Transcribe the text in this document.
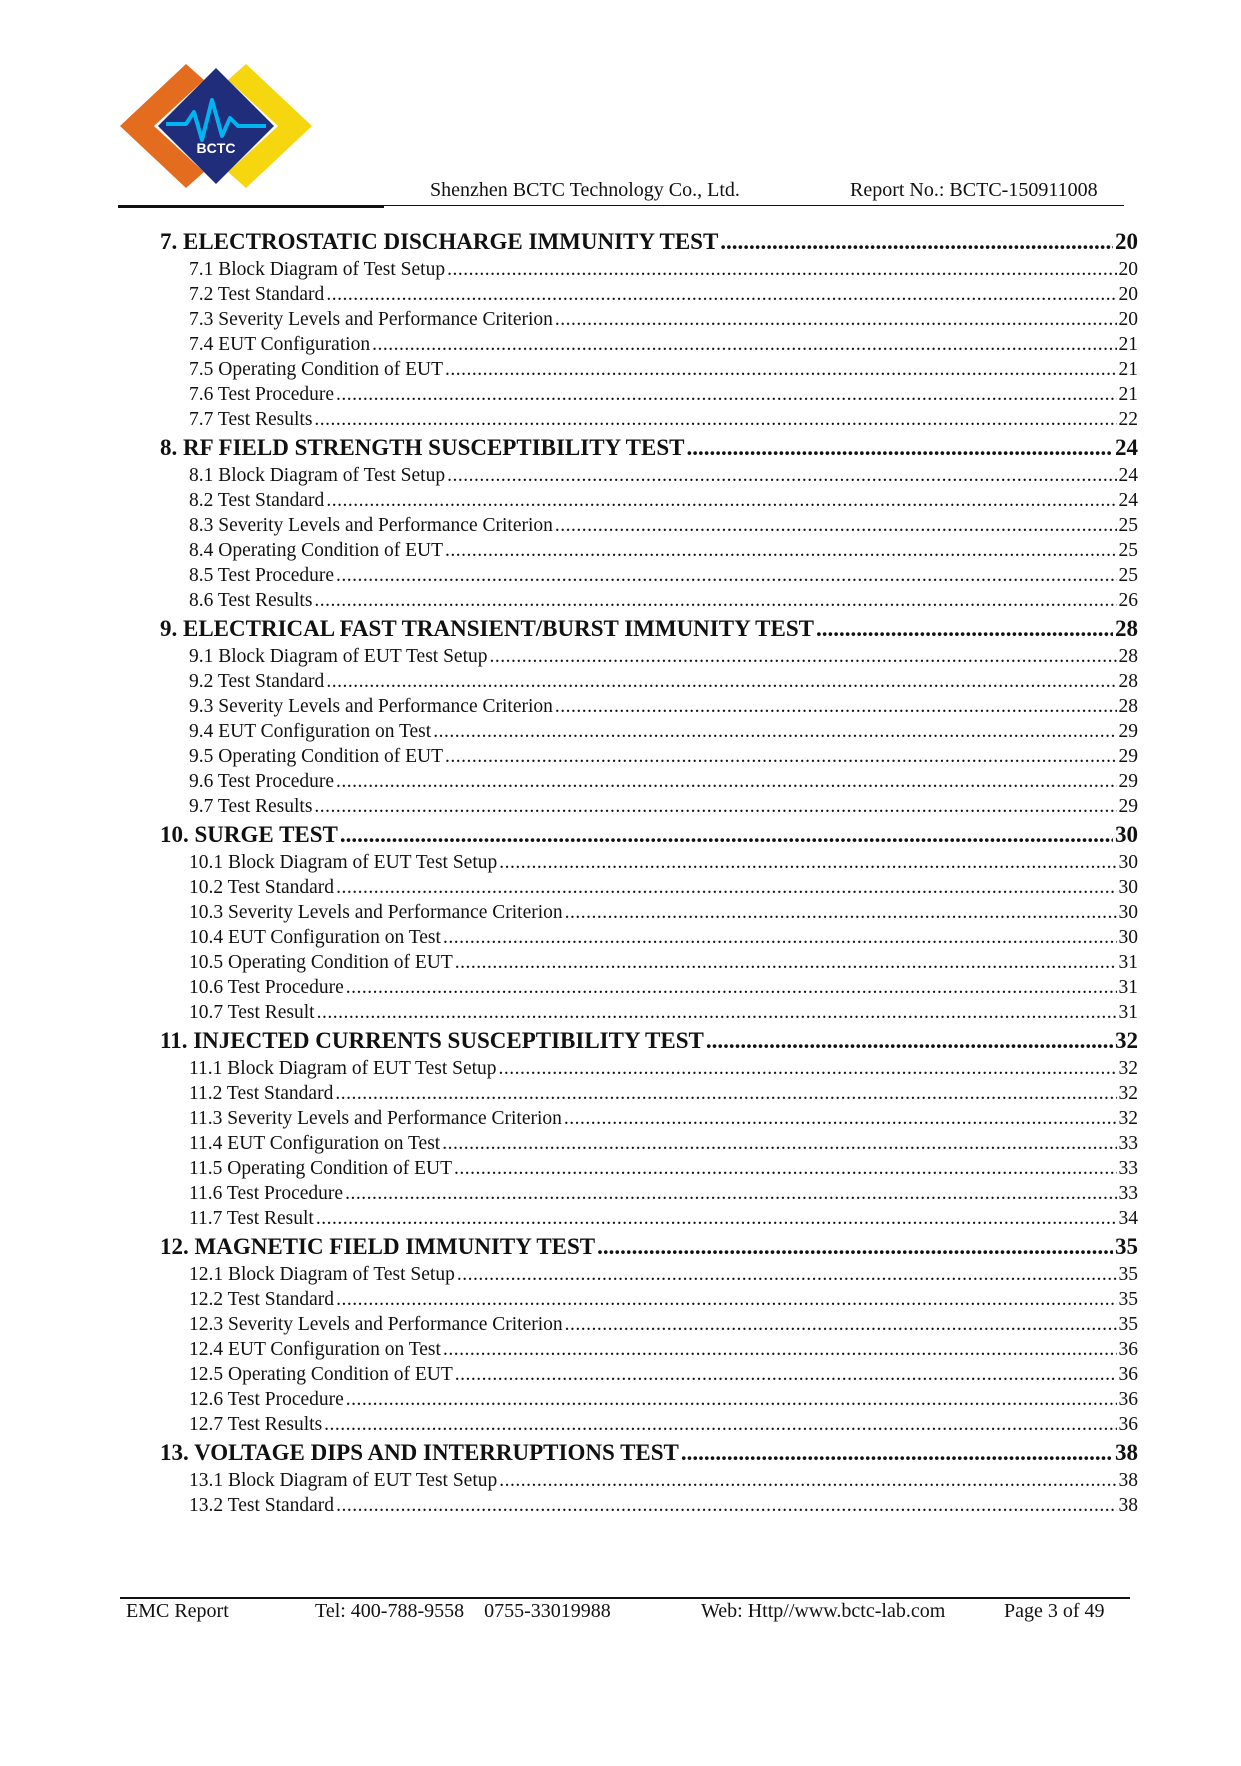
BCTC
Shenzhen BCTC Technology Co., Ltd.	Report No.: BCTC-150911008
7. ELECTROSTATIC DISCHARGE IMMUNITY TEST .....	20
7.1 Block Diagram of Test Setup .....	20
7.2 Test Standard .....	20
7.3 Severity Levels and Performance Criterion .....	20
7.4 EUT Configuration .....	21
7.5 Operating Condition of EUT .....	21
7.6 Test Procedure .....	21
7.7 Test Results .....	22
8. RF FIELD STRENGTH SUSCEPTIBILITY TEST .....	24
8.1 Block Diagram of Test Setup .....	24
8.2 Test Standard .....	24
8.3 Severity Levels and Performance Criterion .....	25
8.4 Operating Condition of EUT .....	25
8.5 Test Procedure .....	25
8.6 Test Results .....	26
9. ELECTRICAL FAST TRANSIENT/BURST IMMUNITY TEST .....	28
9.1 Block Diagram of EUT Test Setup .....	28
9.2 Test Standard .....	28
9.3 Severity Levels and Performance Criterion .....	28
9.4 EUT Configuration on Test .....	29
9.5 Operating Condition of EUT .....	29
9.6 Test Procedure .....	29
9.7 Test Results .....	29
10. SURGE TEST .....	30
10.1 Block Diagram of EUT Test Setup .....	30
10.2 Test Standard .....	30
10.3 Severity Levels and Performance Criterion .....	30
10.4 EUT Configuration on Test .....	30
10.5 Operating Condition of EUT .....	31
10.6 Test Procedure .....	31
10.7 Test Result .....	31
11. INJECTED CURRENTS SUSCEPTIBILITY TEST .....	32
11.1 Block Diagram of EUT Test Setup .....	32
11.2 Test Standard .....	32
11.3 Severity Levels and Performance Criterion .....	32
11.4 EUT Configuration on Test .....	33
11.5 Operating Condition of EUT .....	33
11.6 Test Procedure .....	33
11.7 Test Result .....	34
12. MAGNETIC FIELD IMMUNITY TEST .....	35
12.1 Block Diagram of Test Setup .....	35
12.2 Test Standard .....	35
12.3 Severity Levels and Performance Criterion .....	35
12.4 EUT Configuration on Test .....	36
12.5 Operating Condition of EUT .....	36
12.6 Test Procedure .....	36
12.7 Test Results .....	36
13. VOLTAGE DIPS AND INTERRUPTIONS TEST .....	38
13.1 Block Diagram of EUT Test Setup .....	38
13.2 Test Standard .....	38
EMC Report	Tel: 400-788-9558    0755-33019988	Web: Http//www.bctc-lab.com	Page 3 of 49
